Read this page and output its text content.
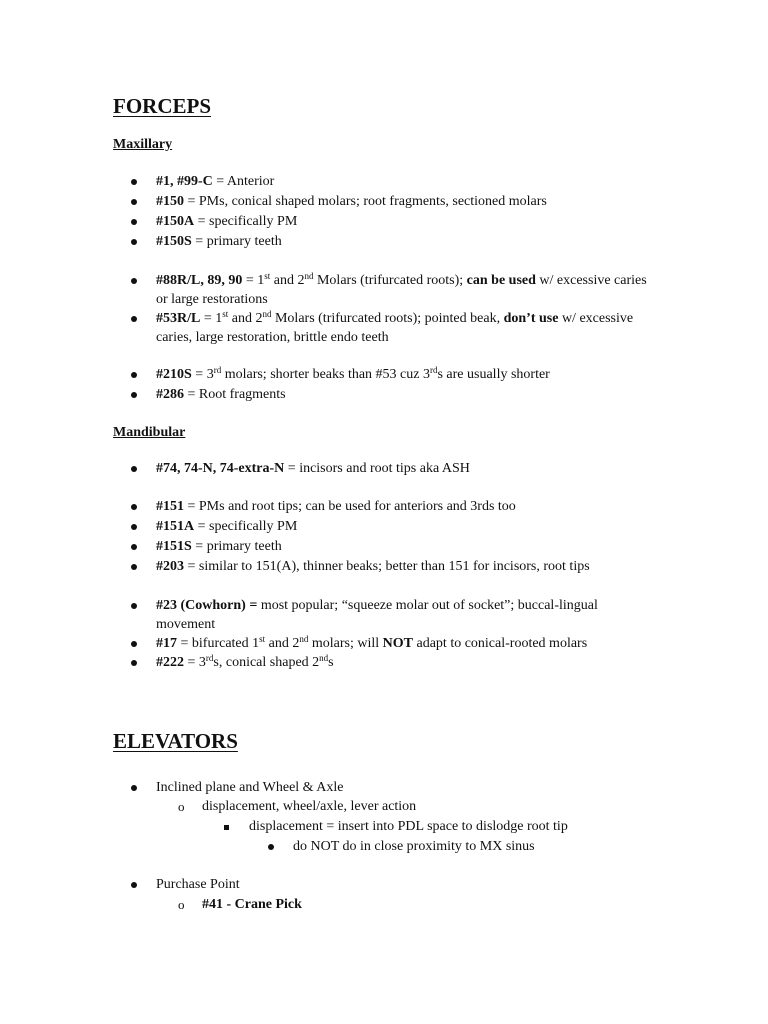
FORCEPS
Maxillary
#1, #99-C = Anterior
#150 = PMs, conical shaped molars; root fragments, sectioned molars
#150A = specifically PM
#150S = primary teeth
#88R/L, 89, 90 = 1st and 2nd Molars (trifurcated roots); can be used w/ excessive caries or large restorations
#53R/L = 1st and 2nd Molars (trifurcated roots); pointed beak, don’t use w/ excessive caries, large restoration, brittle endo teeth
#210S = 3rd molars; shorter beaks than #53 cuz 3rds are usually shorter
#286 = Root fragments
Mandibular
#74, 74-N, 74-extra-N = incisors and root tips aka ASH
#151 = PMs and root tips; can be used for anteriors and 3rds too
#151A = specifically PM
#151S = primary teeth
#203 = similar to 151(A), thinner beaks; better than 151 for incisors, root tips
#23 (Cowhorn) = most popular; “squeeze molar out of socket”; buccal-lingual movement
#17 = bifurcated 1st and 2nd molars; will NOT adapt to conical-rooted molars
#222 = 3rds, conical shaped 2nds
ELEVATORS
Inclined plane and Wheel & Axle
o displacement, wheel/axle, lever action
displacement = insert into PDL space to dislodge root tip
do NOT do in close proximity to MX sinus
Purchase Point
o #41 - Crane Pick
